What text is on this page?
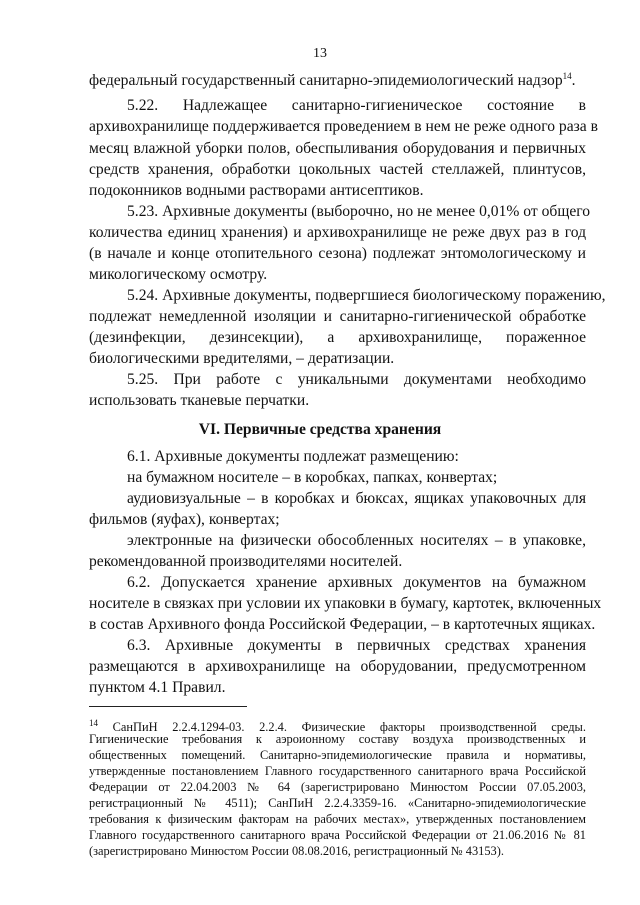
13
федеральный государственный санитарно-эпидемиологический надзор$^{14}$.
5.22. Надлежащее санитарно-гигиеническое состояние в
архивохранилище поддерживается проведением в нем не реже одного раза в
месяц влажной уборки полов, обеспыливания оборудования и первичных
средств хранения, обработки цокольных частей стеллажей, плинтусов,
подоконников водными растворами антисептиков.
5.23. Архивные документы (выборочно, но не менее 0,01% от общего
количества единиц хранения) и архивохранилище не реже двух раз в год
(в начале и конце отопительного сезона) подлежат энтомологическому и
микологическому осмотру.
5.24. Архивные документы, подвергшиеся биологическому поражению,
подлежат немедленной изоляции и санитарно-гигиенической обработке
(дезинфекции, дезинсекции), а архивохранилище, пораженное
биологическими вредителями, – дератизации.
5.25. При работе с уникальными документами необходимо
использовать тканевые перчатки.
VI. Первичные средства хранения
6.1. Архивные документы подлежат размещению:
на бумажном носителе – в коробках, папках, конвертах;
аудиовизуальные – в коробках и бюксах, ящиках упаковочных для
фильмов (яуфах), конвертах;
электронные на физически обособленных носителях – в упаковке,
рекомендованной производителями носителей.
6.2. Допускается хранение архивных документов на бумажном
носителе в связках при условии их упаковки в бумагу, картотек, включенных
в состав Архивного фонда Российской Федерации, – в картотечных ящиках.
6.3. Архивные документы в первичных средствах хранения
размещаются в архивохранилище на оборудовании, предусмотренном
пунктом 4.1 Правил.
$^{14}$ СанПиН 2.2.4.1294-03. 2.2.4. Физические факторы производственной среды.
Гигиенические требования к аэроионному составу воздуха производственных и
общественных помещений. Санитарно-эпидемиологические правила и нормативы,
утвержденные постановлением Главного государственного санитарного врача Российской
Федерации от 22.04.2003 № 64 (зарегистрировано Минюстом России 07.05.2003,
регистрационный № 4511); СанПиН 2.2.4.3359-16. «Санитарно-эпидемиологические
требования к физическим факторам на рабочих местах», утвержденных постановлением
Главного государственного санитарного врача Российской Федерации от 21.06.2016 № 81
(зарегистрировано Минюстом России 08.08.2016, регистрационный № 43153).
